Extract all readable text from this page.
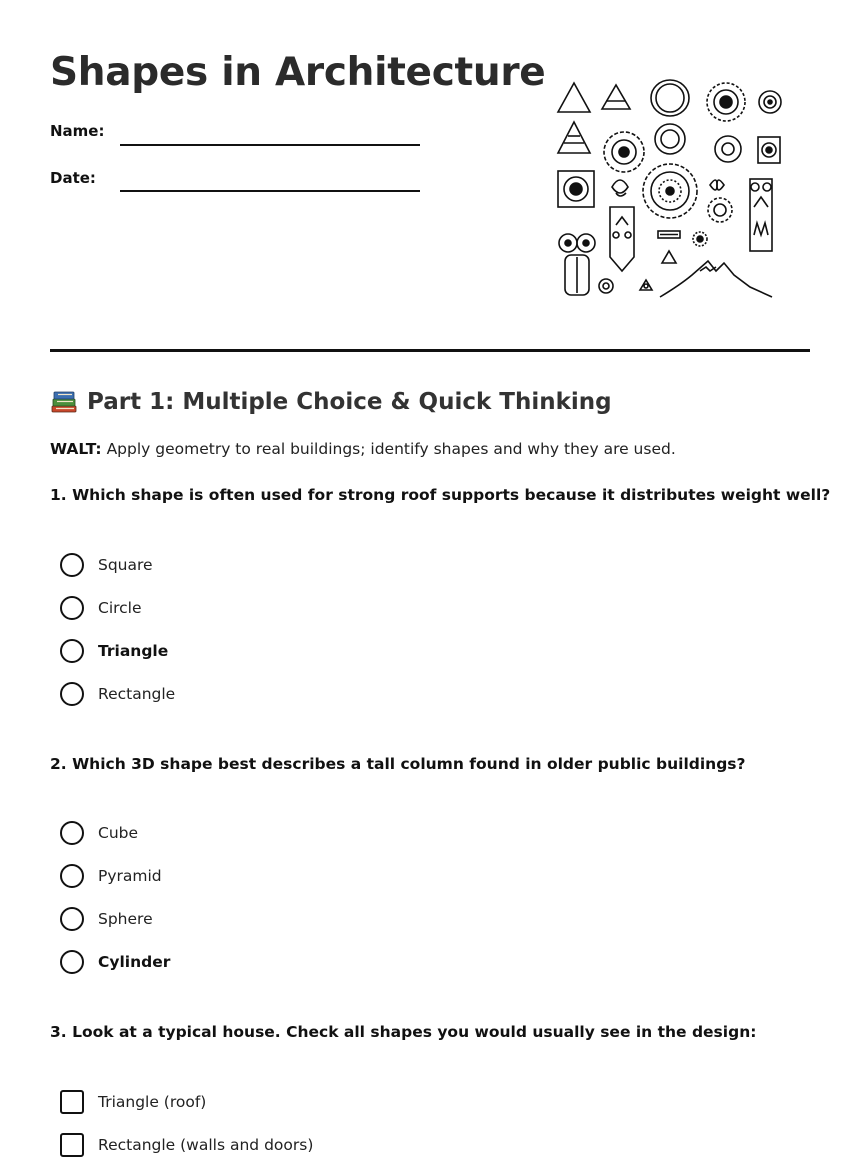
Shapes in Architecture
Name:
Date:
Part 1: Multiple Choice & Quick Thinking
WALT: Apply geometry to real buildings; identify shapes and why they are used.
1. Which shape is often used for strong roof supports because it distributes weight well?
Square
Circle
Triangle
Rectangle
2. Which 3D shape best describes a tall column found in older public buildings?
Cube
Pyramid
Sphere
Cylinder
3. Look at a typical house. Check all shapes you would usually see in the design:
Triangle (roof)
Rectangle (walls and doors)
